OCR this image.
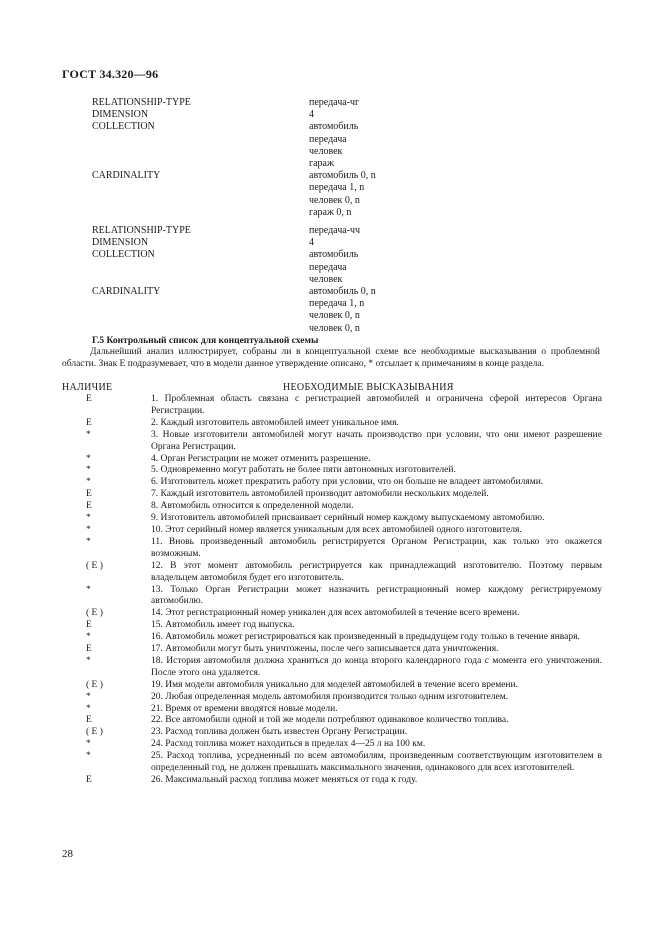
ГОСТ 34.320—96
RELATIONSHIP-TYPE	передача-чг
DIMENSION	4
COLLECTION	автомобиль
передача
человек
гараж
CARDINALITY	автомобиль 0, n
передача 1, n
человек 0, n
гараж 0, n
RELATIONSHIP-TYPE	передача-чч
DIMENSION	4
COLLECTION	автомобиль
передача
человек
CARDINALITY	автомобиль 0, n
передача 1, n
человек 0, n
человек 0, n
Г.5 Контрольный список для концептуальной схемы
Дальнейший анализ иллюстрирует, собраны ли в концептуальной схеме все необходимые высказывания о проблемной области. Знак Е подразумевает, что в модели данное утверждение описано, * отсылает к примечаниям в конце раздела.
НАЛИЧИЕ	НЕОБХОДИМЫЕ ВЫСКАЗЫВАНИЯ
E	1. Проблемная область связана с регистрацией автомобилей и ограничена сферой интересов Органа Регистрации.
E	2. Каждый изготовитель автомобилей имеет уникальное имя.
*	3. Новые изготовители автомобилей могут начать производство при условии, что они имеют разрешение Органа Регистрации.
*	4. Орган Регистрации не может отменить разрешение.
*	5. Одновременно могут работать не более пяти автономных изготовителей.
*	6. Изготовитель может прекратить работу при условии, что он больше не владеет автомобилями.
E	7. Каждый изготовитель автомобилей производит автомобили нескольких моделей.
E	8. Автомобиль относится к определенной модели.
*	9. Изготовитель автомобилей присваивает серийный номер каждому выпускаемому автомобилю.
*	10. Этот серийный номер является уникальным для всех автомобилей одного изготовителя.
*	11. Вновь произведенный автомобиль регистрируется Органом Регистрации, как только это окажется возможным.
( E )	12. В этот момент автомобиль регистрируется как принадлежащий изготовителю. Поэтому первым владельцем автомобиля будет его изготовитель.
*	13. Только Орган Регистрации может назначить регистрационный номер каждому регистрируемому автомобилю.
( E )	14. Этот регистрационный номер уникален для всех автомобилей в течение всего времени.
E	15. Автомобиль имеет год выпуска.
*	16. Автомобиль может регистрироваться как произведенный в предыдущем году только в течение января.
E	17. Автомобили могут быть уничтожены, после чего записывается дата уничтожения.
*	18. История автомобиля должна храниться до конца второго календарного года с момента его уничтожения. После этого она удаляется.
( E )	19. Имя модели автомобиля уникально для моделей автомобилей в течение всего времени.
*	20. Любая определенная модель автомобиля производится только одним изготовителем.
*	21. Время от времени вводятся новые модели.
E	22. Все автомобили одной и той же модели потребляют одинаковое количество топлива.
( E )	23. Расход топлива должен быть известен Органу Регистрации.
*	24. Расход топлива может находиться в пределах 4—25 л на 100 км.
*	25. Расход топлива, усредненный по всем автомобилям, произведенным соответствующим изготовителем в определенный год, не должен превышать максимального значения, одинакового для всех изготовителей.
E	26. Максимальный расход топлива может меняться от года к году.
28
